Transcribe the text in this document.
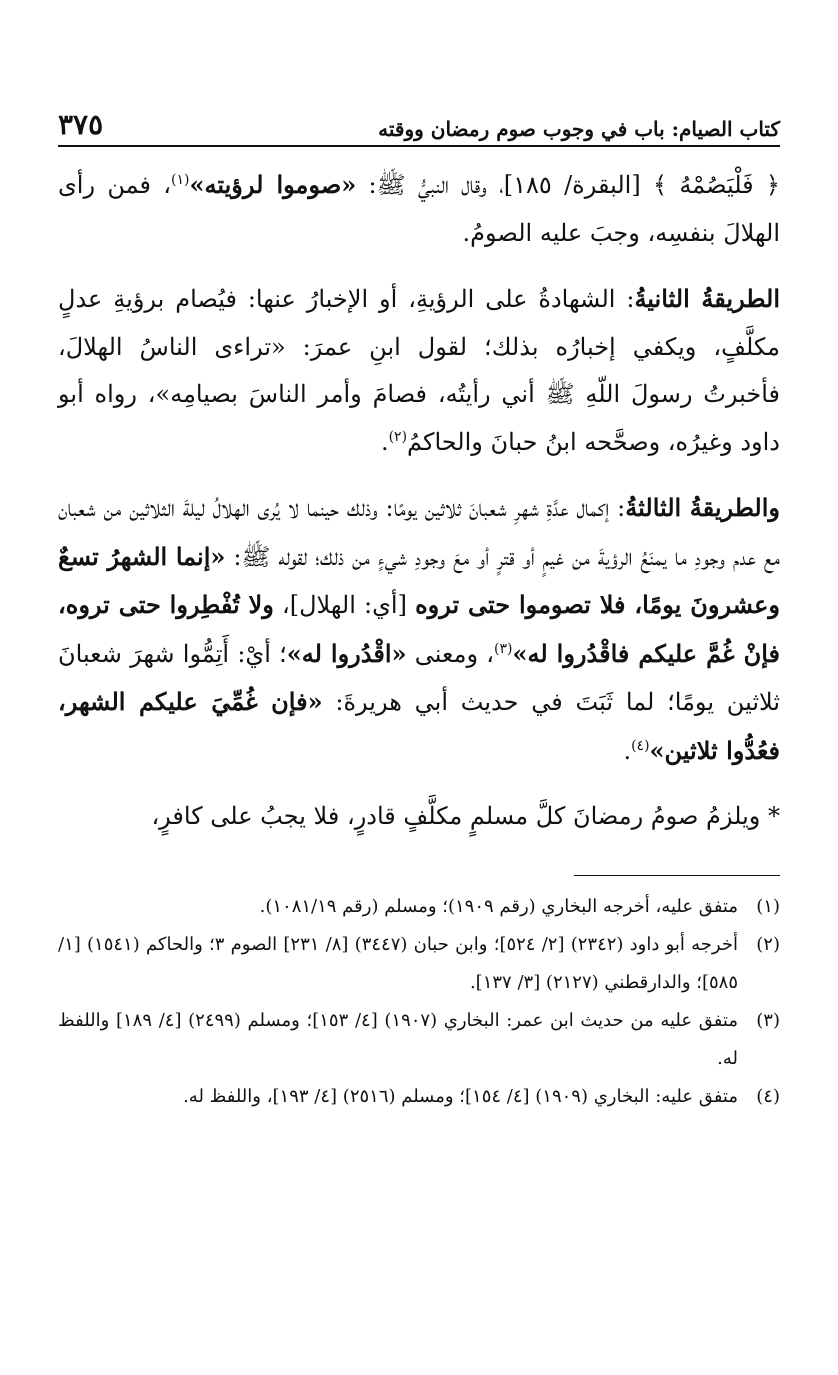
كتاب الصيام: باب في وجوب صوم رمضان ووقته
٣٧٥

﴿ فَلْيَصُمْهُ ﴾ [البقرة/ ١٨٥]، وقال النبيُّ ﷺ: «صوموا لرؤيته»$^{(١)}$، فمن رأى الهلالَ بنفسِه، وجبَ عليه الصومُ.

الطريقةُ الثانيةُ: الشهادةُ على الرؤيةِ، أو الإخبارُ عنها: فيُصام برؤيةِ عدلٍ مكلَّفٍ، ويكفي إخبارُه بذلك؛ لقول ابنِ عمرَ: «تراءى الناسُ الهلالَ، فأخبرتُ رسولَ اللّهِ ﷺ أني رأيتُه، فصامَ وأمر الناسَ بصيامِه»، رواه أبو داود وغيرُه، وصحَّحه ابنُ حبانَ والحاكمُ$^{(٢)}$.

والطريقةُ الثالثةُ: إكمال عدَّةِ شهرِ شعبانَ ثلاثين يومًا: وذلك حينما لا يُرى الهلالُ ليلةَ الثلاثين من شعبان مع عدم وجودِ ما يمنَعُ الرؤيةَ من غيمٍ أو قترٍ أو معَ وجودِ شيءٍ من ذلك؛ لقوله ﷺ: «إنما الشهرُ تسعٌ وعشرونَ يومًا، فلا تصوموا حتى تروه [أي: الهلال]، ولا تُفْطِروا حتى تروه، فإنْ غُمَّ عليكم فاقْدُروا له»$^{(٣)}$، ومعنى «اقْدُروا له»؛ أيْ: أَتِمُّوا شهرَ شعبانَ ثلاثين يومًا؛ لما ثَبَتَ في حديث أبي هريرةَ: «فإن غُمِّيَ عليكم الشهر، فعُدُّوا ثلاثين»$^{(٤)}$.

* ويلزمُ صومُ رمضانَ كلَّ مسلمٍ مكلَّفٍ قادرٍ، فلا يجبُ على كافرٍ،

(١)
متفق عليه، أخرجه البخاري (رقم ١٩٠٩)؛ ومسلم (رقم ١٠٨١/١٩).
(٢)
أخرجه أبو داود (٢٣٤٢) [٢/ ٥٢٤]؛ وابن حبان (٣٤٤٧) [٨/ ٢٣١] الصوم ٣؛ والحاكم (١٥٤١) [١/ ٥٨٥]؛ والدارقطني (٢١٢٧) [٣/ ١٣٧].
(٣)
متفق عليه من حديث ابن عمر: البخاري (١٩٠٧) [٤/ ١٥٣]؛ ومسلم (٢٤٩٩) [٤/ ١٨٩] واللفظ له.
(٤)
متفق عليه: البخاري (١٩٠٩) [٤/ ١٥٤]؛ ومسلم (٢٥١٦) [٤/ ١٩٣]، واللفظ له.
